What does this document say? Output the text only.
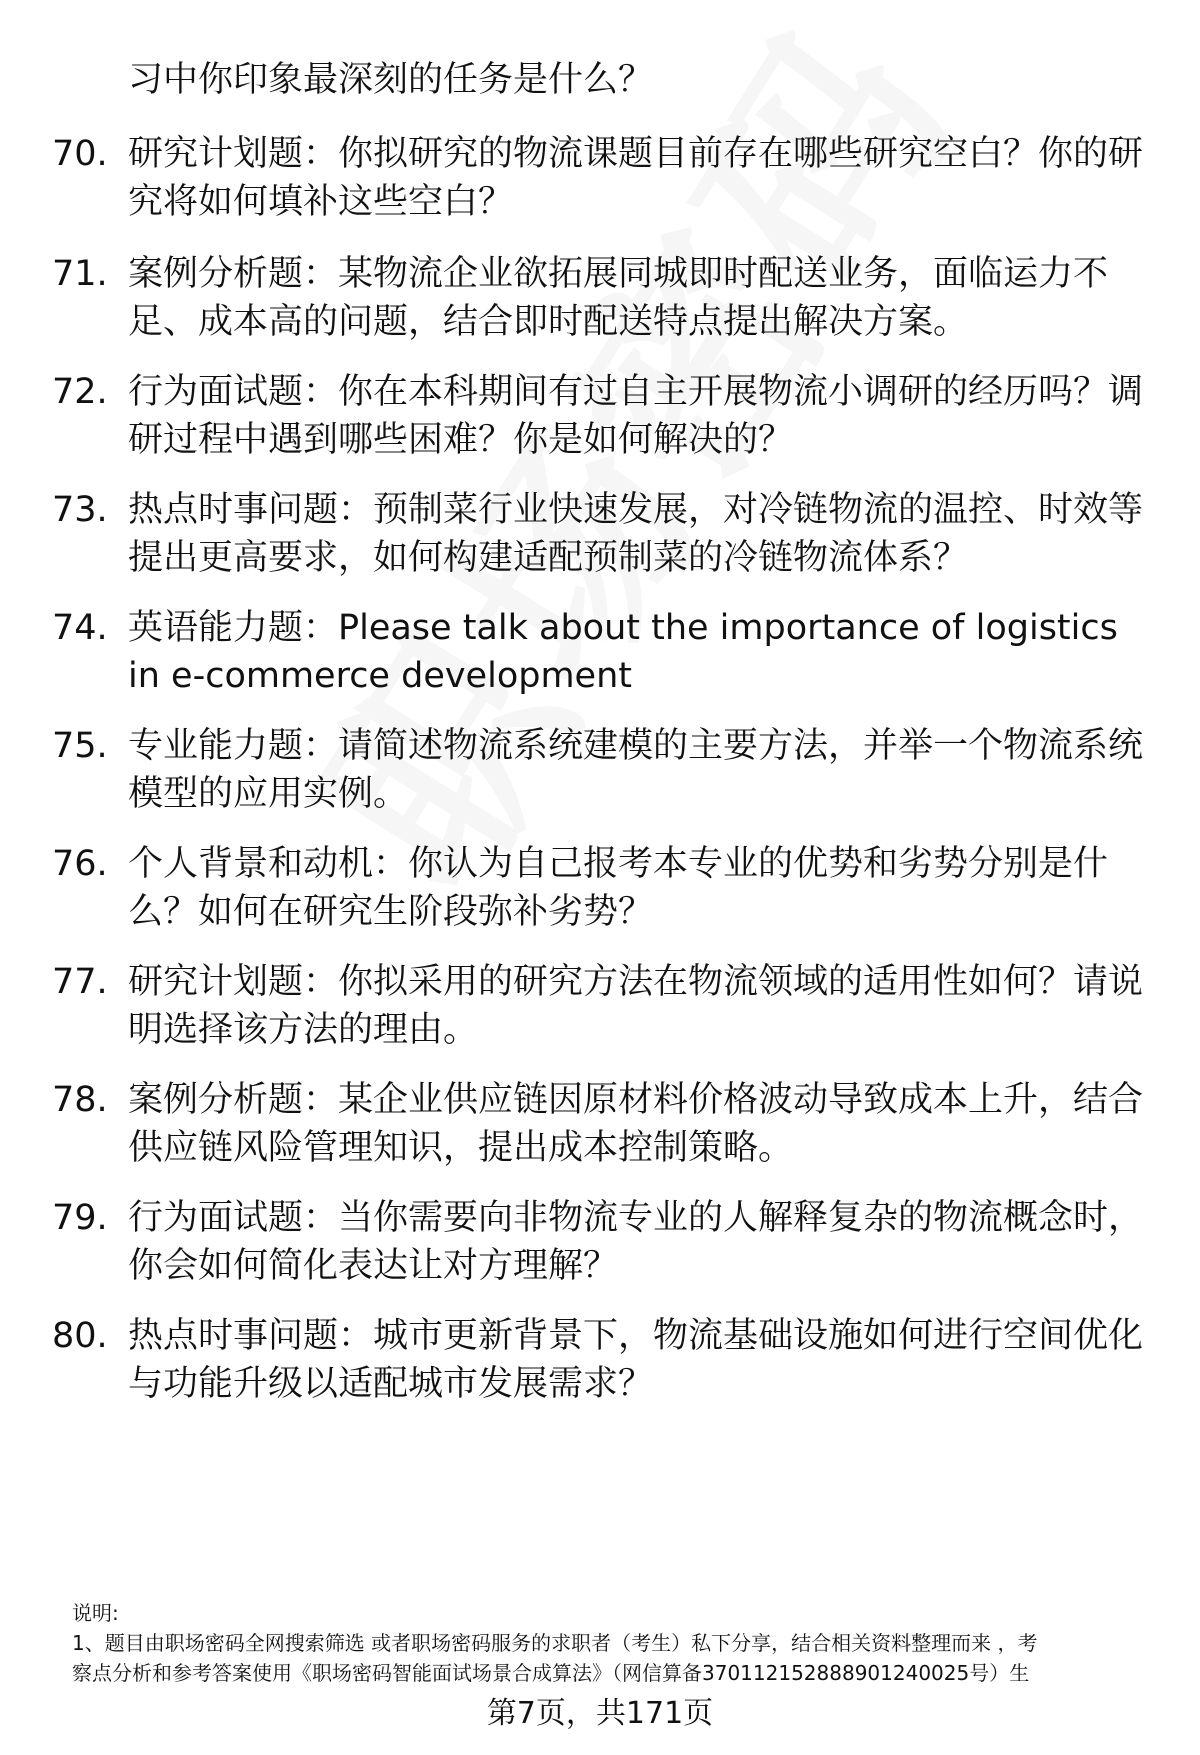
习中你印象最深刻的任务是什么？
70. 研究计划题：你拟研究的物流课题目前存在哪些研究空白？你的研究将如何填补这些空白？
71. 案例分析题：某物流企业欲拓展同城即时配送业务，面临运力不足、成本高的问题，结合即时配送特点提出解决方案。
72. 行为面试题：你在本科期间有过自主开展物流小调研的经历吗？调研过程中遇到哪些困难？你是如何解决的？
73. 热点时事问题：预制菜行业快速发展，对冷链物流的温控、时效等提出更高要求，如何构建适配预制菜的冷链物流体系？
74. 英语能力题：Please talk about the importance of logistics in e-commerce development
75. 专业能力题：请简述物流系统建模的主要方法，并举一个物流系统模型的应用实例。
76. 个人背景和动机：你认为自己报考本专业的优势和劣势分别是什么？如何在研究生阶段弥补劣势？
77. 研究计划题：你拟采用的研究方法在物流领域的适用性如何？请说明选择该方法的理由。
78. 案例分析题：某企业供应链因原材料价格波动导致成本上升，结合供应链风险管理知识，提出成本控制策略。
79. 行为面试题：当你需要向非物流专业的人解释复杂的物流概念时，你会如何简化表达让对方理解？
80. 热点时事问题：城市更新背景下，物流基础设施如何进行空间优化与功能升级以适配城市发展需求？
说明:
1、题目由职场密码全网搜索筛选 或者职场密码服务的求职者（考生）私下分享，结合相关资料整理而来 ，考
察点分析和参考答案使用《职场密码智能面试场景合成算法》（网信算备370112152888901240025号）生
第7页，共171页
